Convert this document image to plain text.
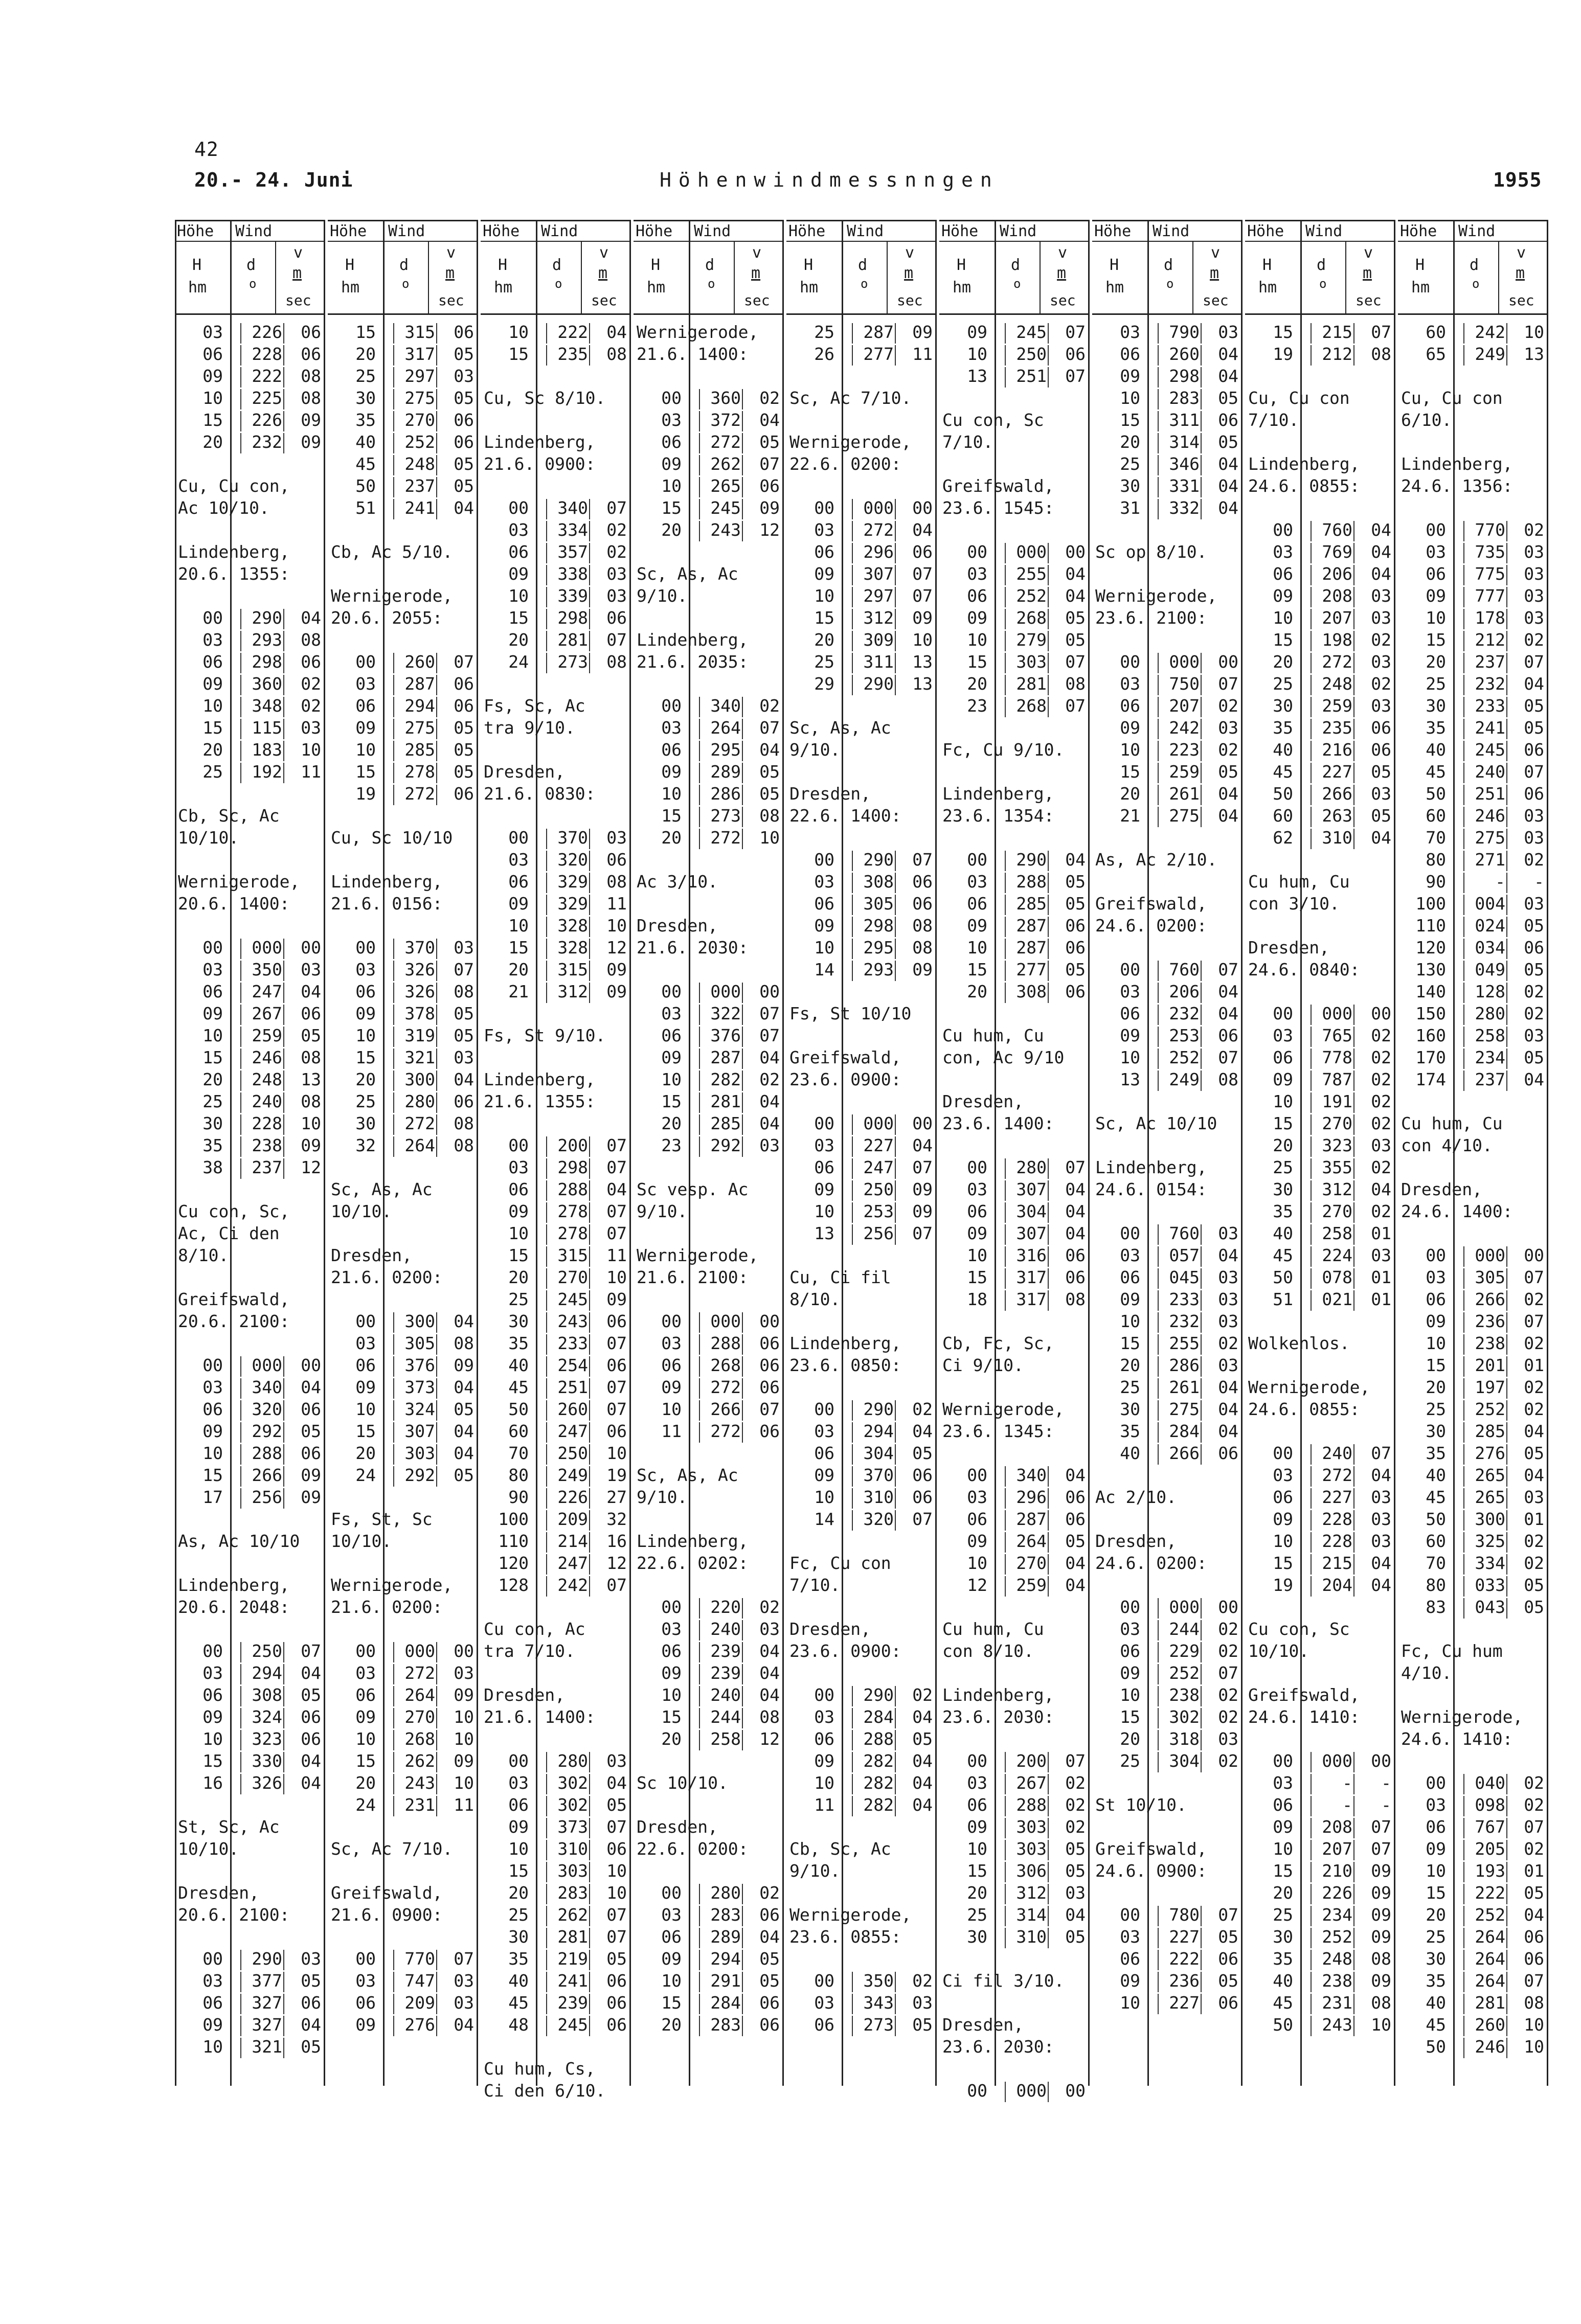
42
20.- 24. Juni	Höhenwindmessnngen	1955
Höhe Wind
H
hm
d
o
v
m
sec
03 226 06
06 228 06
09 222 08
10 225 08
15 226 09
20 232 09
Cu, Cu con,
Ac 10/10.
Lindenberg,
20.6. 1355:
00 290 04
03 293 08
06 298 06
09 360 02
10 348 02
15 115 03
20 183 10
25 192 11
Cb, Sc, Ac
10/10.
Wernigerode,
20.6. 1400:
00 000 00
03 350 03
06 247 04
09 267 06
10 259 05
15 246 08
20 248 13
25 240 08
30 228 10
35 238 09
38 237 12
Cu con, Sc,
Ac, Ci den
8/10.
Greifswald,
20.6. 2100:
00 000 00
03 340 04
06 320 06
09 292 05
10 288 06
15 266 09
17 256 09
As, Ac 10/10
Lindenberg,
20.6. 2048:
00 250 07
03 294 04
06 308 05
09 324 06
10 323 06
15 330 04
16 326 04
St, Sc, Ac
10/10.
Dresden,
20.6. 2100:
00 290 03
03 377 05
06 327 06
09 327 04
10 321 05
Höhe Wind
H
hm
d
o
v
m
sec
15 315 06
20 317 05
25 297 03
30 275 05
35 270 06
40 252 06
45 248 05
50 237 05
51 241 04
Cb, Ac 5/10.
Wernigerode,
20.6. 2055:
00 260 07
03 287 06
06 294 06
09 275 05
10 285 05
15 278 05
19 272 06
Cu, Sc 10/10
Lindenberg,
21.6. 0156:
00 370 03
03 326 07
06 326 08
09 378 05
10 319 05
15 321 03
20 300 04
25 280 06
30 272 08
32 264 08
Sc, As, Ac
10/10.
Dresden,
21.6. 0200:
00 300 04
03 305 08
06 376 09
09 373 04
10 324 05
15 307 04
20 303 04
24 292 05
Fs, St, Sc
10/10.
Wernigerode,
21.6. 0200:
00 000 00
03 272 03
06 264 09
09 270 10
10 268 10
15 262 09
20 243 10
24 231 11
Sc, Ac 7/10.
Greifswald,
21.6. 0900:
00 770 07
03 747 03
06 209 03
09 276 04
Höhe Wind
H
hm
d
o
v
m
sec
10 222 04
15 235 08
Cu, Sc 8/10.
Lindenberg,
21.6. 0900:
00 340 07
03 334 02
06 357 02
09 338 03
10 339 03
15 298 06
20 281 07
24 273 08
Fs, Sc, Ac
tra 9/10.
Dresden,
21.6. 0830:
00 370 03
03 320 06
06 329 08
09 329 11
10 328 10
15 328 12
20 315 09
21 312 09
Fs, St 9/10.
Lindenberg,
21.6. 1355:
00 200 07
03 298 07
06 288 04
09 278 07
10 278 07
15 315 11
20 270 10
25 245 09
30 243 06
35 233 07
40 254 06
45 251 07
50 260 07
60 247 06
70 250 10
80 249 19
90 226 27
100 209 32
110 214 16
120 247 12
128 242 07
Cu con, Ac
tra 7/10.
Dresden,
21.6. 1400:
00 280 03
03 302 04
06 302 05
09 373 07
10 310 06
15 303 10
20 283 10
25 262 07
30 281 07
35 219 05
40 241 06
45 239 06
48 245 06
Cu hum, Cs,
Ci den 6/10.
Höhe Wind
H
hm
d
o
v
m
sec
Wernigerode,
21.6. 1400:
00 360 02
03 372 04
06 272 05
09 262 07
10 265 06
15 245 09
20 243 12
Sc, As, Ac
9/10.
Lindenberg,
21.6. 2035:
00 340 02
03 264 07
06 295 04
09 289 05
10 286 05
15 273 08
20 272 10
Ac 3/10.
Dresden,
21.6. 2030:
00 000 00
03 322 07
06 376 07
09 287 04
10 282 02
15 281 04
20 285 04
23 292 03
Sc vesp. Ac
9/10.
Wernigerode,
21.6. 2100:
00 000 00
03 288 06
06 268 06
09 272 06
10 266 07
11 272 06
Sc, As, Ac
9/10.
Lindenberg,
22.6. 0202:
00 220 02
03 240 03
06 239 04
09 239 04
10 240 04
15 244 08
20 258 12
Sc 10/10.
Dresden,
22.6. 0200:
00 280 02
03 283 06
06 289 04
09 294 05
10 291 05
15 284 06
20 283 06
Höhe Wind
H
hm
d
o
v
m
sec
25 287 09
26 277 11
Sc, Ac 7/10.
Wernigerode,
22.6. 0200:
00 000 00
03 272 04
06 296 06
09 307 07
10 297 07
15 312 09
20 309 10
25 311 13
29 290 13
Sc, As, Ac
9/10.
Dresden,
22.6. 1400:
00 290 07
03 308 06
06 305 06
09 298 08
10 295 08
14 293 09
Fs, St 10/10
Greifswald,
23.6. 0900:
00 000 00
03 227 04
06 247 07
09 250 09
10 253 09
13 256 07
Cu, Ci fil
8/10.
Lindenberg,
23.6. 0850:
00 290 02
03 294 04
06 304 05
09 370 06
10 310 06
14 320 07
Fc, Cu con
7/10.
Dresden,
23.6. 0900:
00 290 02
03 284 04
06 288 05
09 282 04
10 282 04
11 282 04
Cb, Sc, Ac
9/10.
Wernigerode,
23.6. 0855:
00 350 02
03 343 03
06 273 05
Höhe Wind
H
hm
d
o
v
m
sec
09 245 07
10 250 06
13 251 07
Cu con, Sc
7/10.
Greifswald,
23.6. 1545:
00 000 00
03 255 04
06 252 04
09 268 05
10 279 05
15 303 07
20 281 08
23 268 07
Fc, Cu 9/10.
Lindenberg,
23.6. 1354:
00 290 04
03 288 05
06 285 05
09 287 06
10 287 06
15 277 05
20 308 06
Cu hum, Cu
con, Ac 9/10
Dresden,
23.6. 1400:
00 280 07
03 307 04
06 304 04
09 307 04
10 316 06
15 317 06
18 317 08
Cb, Fc, Sc,
Ci 9/10.
Wernigerode,
23.6. 1345:
00 340 04
03 296 06
06 287 06
09 264 05
10 270 04
12 259 04
Cu hum, Cu
con 8/10.
Lindenberg,
23.6. 2030:
00 200 07
03 267 02
06 288 02
09 303 02
10 303 05
15 306 05
20 312 03
25 314 04
30 310 05
Ci fil 3/10.
Dresden,
23.6. 2030:
00 000 00
Höhe Wind
H
hm
d
o
v
m
sec
03 790 03
06 260 04
09 298 04
10 283 05
15 311 06
20 314 05
25 346 04
30 331 04
31 332 04
Sc op 8/10.
Wernigerode,
23.6. 2100:
00 000 00
03 750 07
06 207 02
09 242 03
10 223 02
15 259 05
20 261 04
21 275 04
As, Ac 2/10.
Greifswald,
24.6. 0200:
00 760 07
03 206 04
06 232 04
09 253 06
10 252 07
13 249 08
Sc, Ac 10/10
Lindenberg,
24.6. 0154:
00 760 03
03 057 04
06 045 03
09 233 03
10 232 03
15 255 02
20 286 03
25 261 04
30 275 04
35 284 04
40 266 06
Ac 2/10.
Dresden,
24.6. 0200:
00 000 00
03 244 02
06 229 02
09 252 07
10 238 02
15 302 02
20 318 03
25 304 02
St 10/10.
Greifswald,
24.6. 0900:
00 780 07
03 227 05
06 222 06
09 236 05
10 227 06
Höhe Wind
H
hm
d
o
v
m
sec
15 215 07
19 212 08
Cu, Cu con
7/10.
Lindenberg,
24.6. 0855:
00 760 04
03 769 04
06 206 04
09 208 03
10 207 03
15 198 02
20 272 03
25 248 02
30 259 03
35 235 06
40 216 06
45 227 05
50 266 03
60 263 05
62 310 04
Cu hum, Cu
con 3/10.
Dresden,
24.6. 0840:
00 000 00
03 765 02
06 778 02
09 787 02
10 191 02
15 270 02
20 323 03
25 355 02
30 312 04
35 270 02
40 258 01
45 224 03
50 078 01
51 021 01
Wolkenlos.
Wernigerode,
24.6. 0855:
00 240 07
03 272 04
06 227 03
09 228 03
10 228 03
15 215 04
19 204 04
Cu con, Sc
10/10.
Greifswald,
24.6. 1410:
00 000 00
03	- -
06	- -
09 208 07
10 207 07
15 210 09
20 226 09
25 234 09
30 252 09
35 248 08
40 238 09
45 231 08
50 243 10
Höhe Wind
H
hm
d
o
v
m
sec
60 242 10
65 249 13
Cu, Cu con
6/10.
Lindenberg,
24.6. 1356:
00 770 02
03 735 03
06 775 03
09 777 03
10 178 03
15 212 02
20 237 07
25 232 04
30 233 05
35 241 05
40 245 06
45 240 07
50 251 06
60 246 03
70 275 03
80 271 02
90	- -
100 004 03
110 024 05
120 034 06
130 049 05
140 128 02
150 280 02
160 258 03
170 234 05
174 237 04
Cu hum, Cu
con 4/10.
Dresden,
24.6. 1400:
00 000 00
03 305 07
06 266 02
09 236 07
10 238 02
15 201 01
20 197 02
25 252 02
30 285 04
35 276 05
40 265 04
45 265 03
50 300 01
60 325 02
70 334 02
80 033 05
83 043 05
Fc, Cu hum
4/10.
Wernigerode,
24.6. 1410:
00 040 02
03 098 02
06 767 07
09 205 02
10 193 01
15 222 05
20 252 04
25 264 06
30 264 06
35 264 07
40 281 08
45 260 10
50 246 10
